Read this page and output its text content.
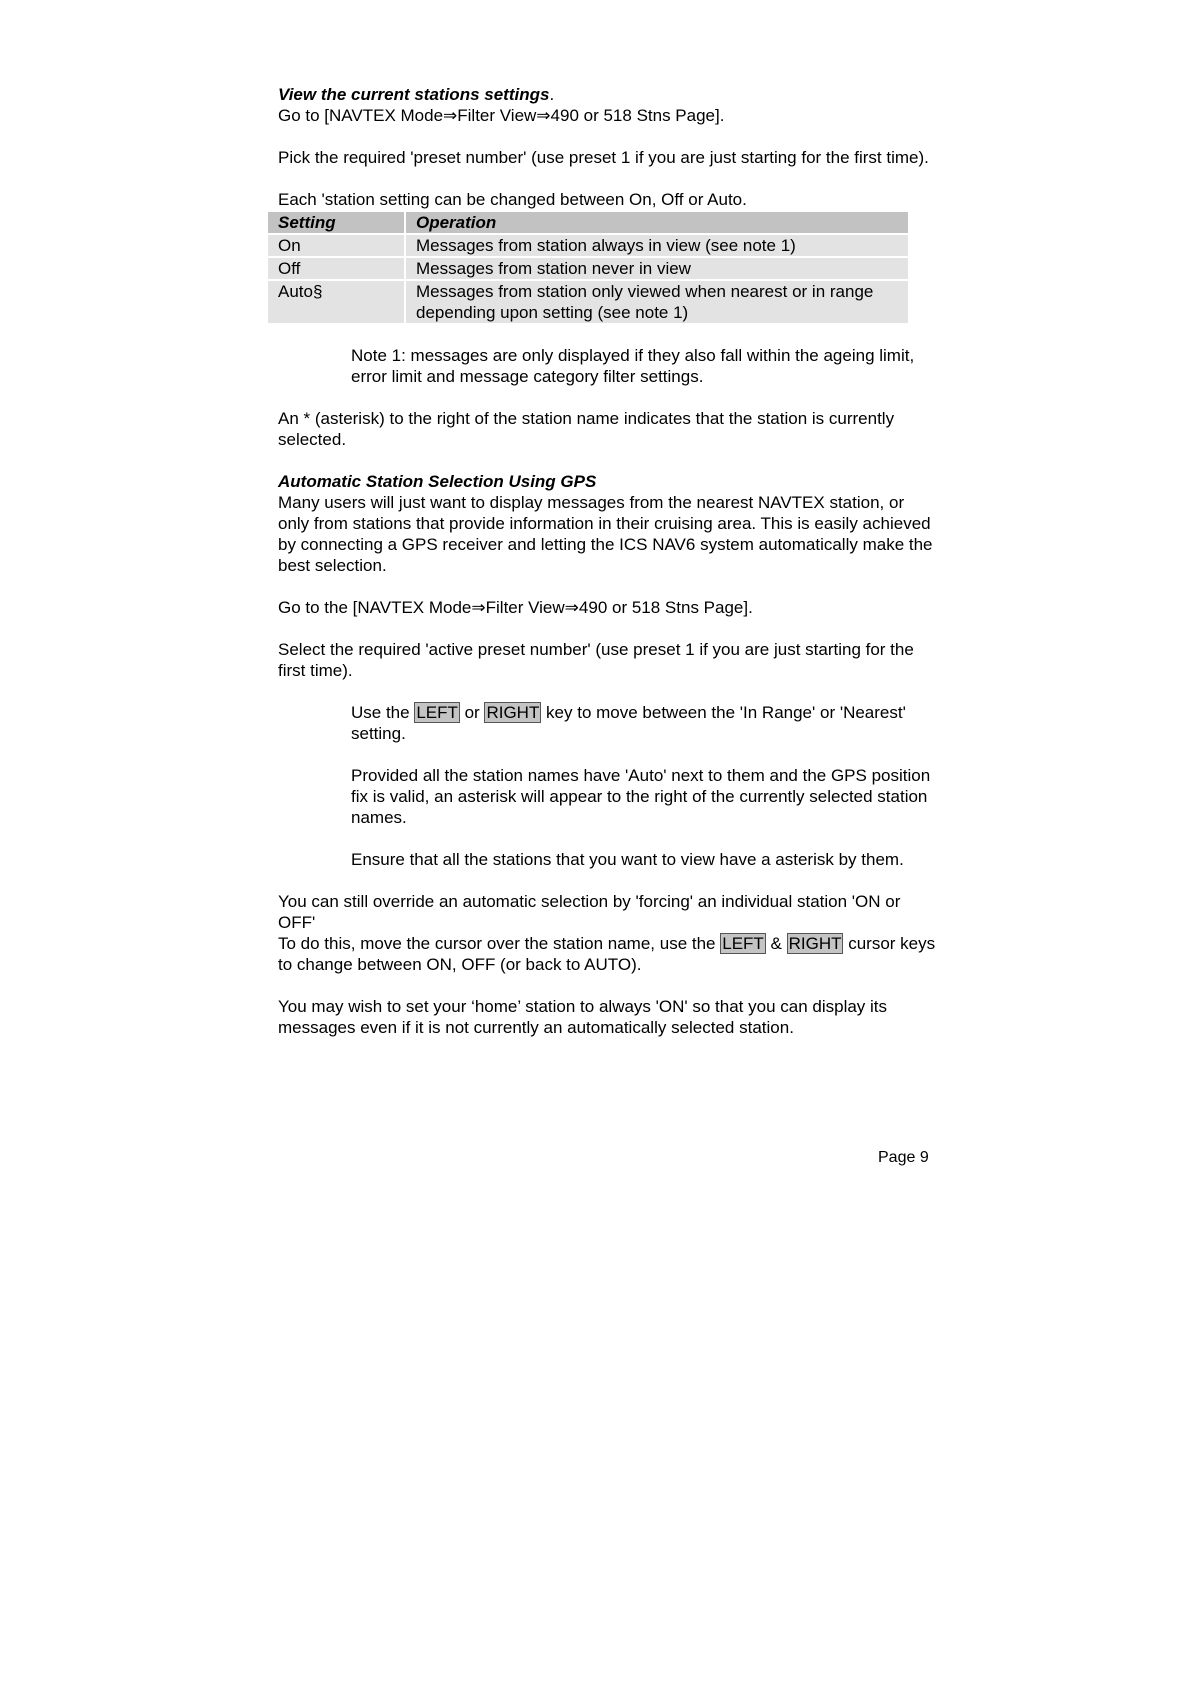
View the current stations settings.

Go to [NAVTEX Mode⇒Filter View⇒490 or 518 Stns Page].

Pick the required 'preset number' (use preset 1 if you are just starting for the first time).

Each 'station setting can be changed between On, Off or Auto.

Setting	Operation
On	Messages from station always in view (see note 1)
Off	Messages from station never in view
Auto§	Messages from station only viewed when nearest or in range depending upon setting (see note 1)

Note 1: messages are only displayed if they also fall within the ageing limit, error limit and message category filter settings.

An * (asterisk) to the right of the station name indicates that the station is currently selected.

Automatic Station Selection Using GPS

Many users will just want to display messages from the nearest NAVTEX station, or only from stations that provide information in their cruising area. This is easily achieved by connecting a GPS receiver and letting the ICS NAV6 system automatically make the best selection.

Go to the [NAVTEX Mode⇒Filter View⇒490 or 518 Stns Page].

Select the required 'active preset number' (use preset 1 if you are just starting for the first time).

Use the LEFT or RIGHT key to move between the 'In Range' or 'Nearest' setting.

Provided all the station names have 'Auto' next to them and the GPS position fix is valid, an asterisk will appear to the right of the currently selected station names.

Ensure that all the stations that you want to view have a asterisk by them.

You can still override an automatic selection by 'forcing' an individual station 'ON or OFF'

To do this, move the cursor over the station name, use the LEFT & RIGHT cursor keys to change between ON, OFF (or back to AUTO).

You may wish to set your ‘home’ station to always 'ON' so that you can display its messages even if it is not currently an automatically selected station.

Page 9
